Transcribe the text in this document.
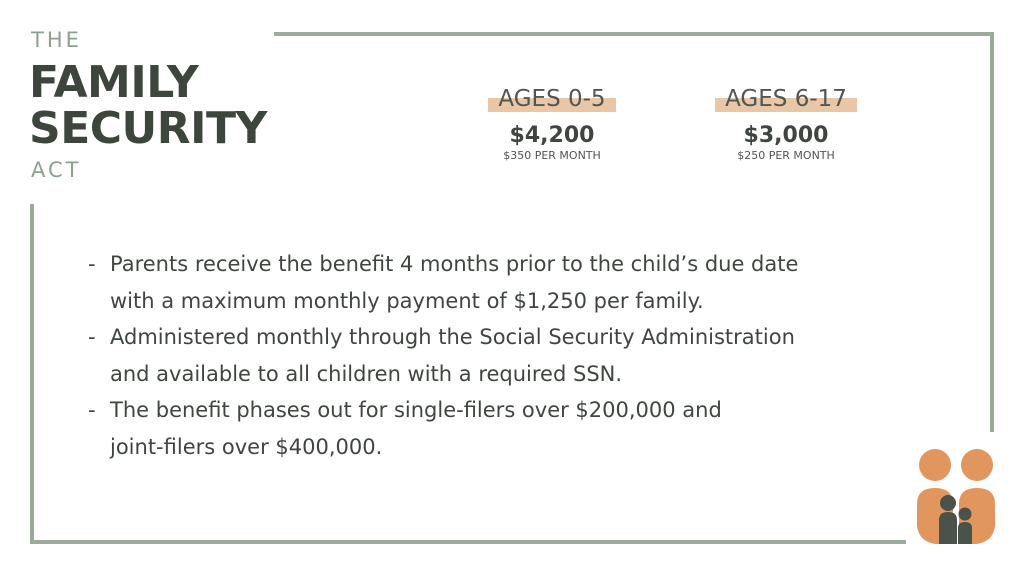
THE
FAMILY
SECURITY
ACT
AGES 0-5
$4,200
$350 PER MONTH
AGES 6-17
$3,000
$250 PER MONTH
- Parents receive the benefit 4 months prior to the child’s due date
with a maximum monthly payment of $1,250 per family.
- Administered monthly through the Social Security Administration
and available to all children with a required SSN.
- The benefit phases out for single-filers over $200,000 and
joint-filers over $400,000.
